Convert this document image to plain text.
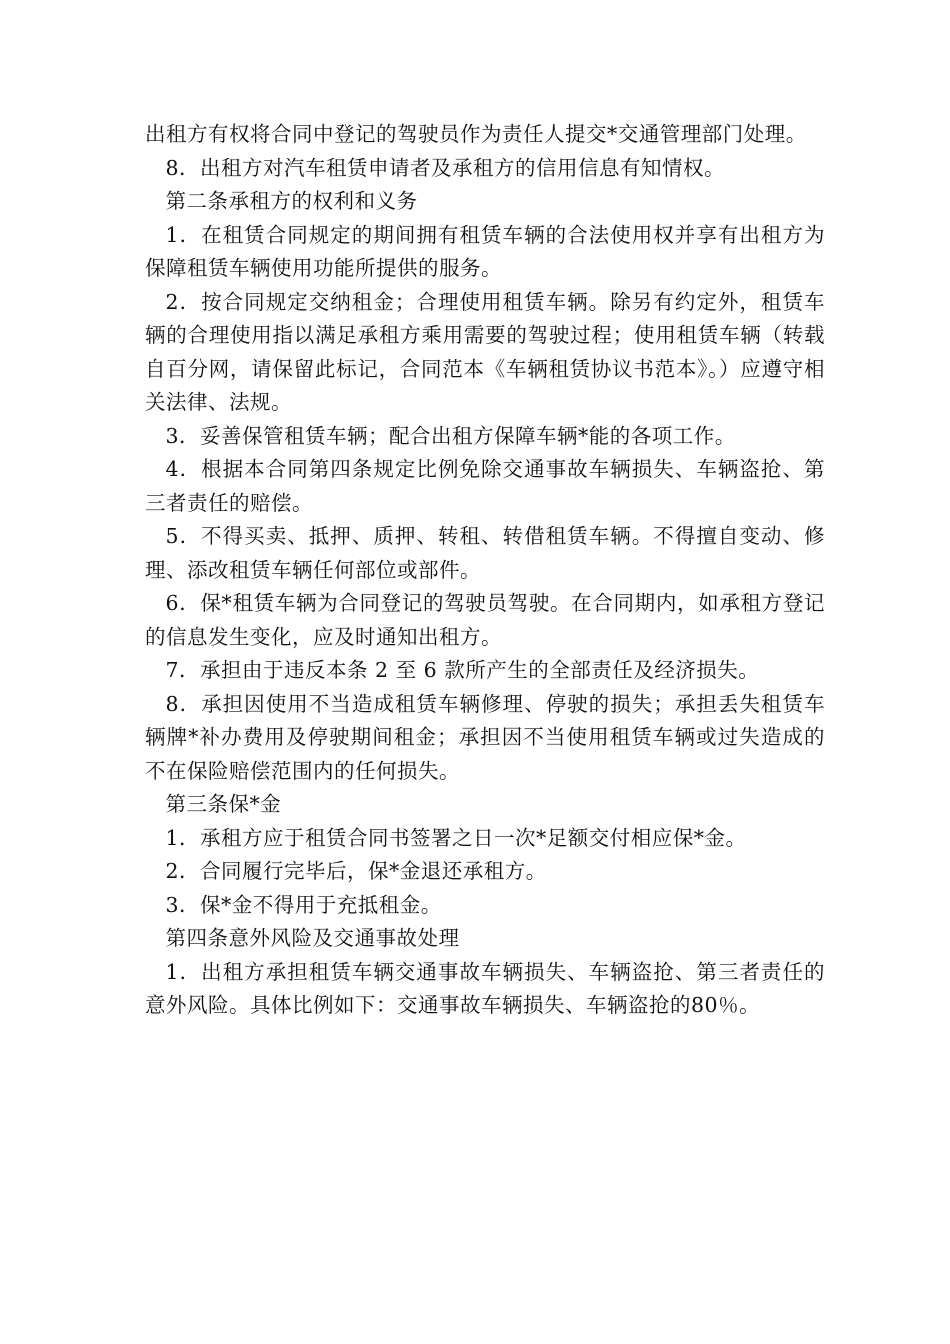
出租方有权将合同中登记的驾驶员作为责任人提交*交通管理部门处理。

8．出租方对汽车租赁申请者及承租方的信用信息有知情权。

第二条承租方的权利和义务

1．在租赁合同规定的期间拥有租赁车辆的合法使用权并享有出租方为保障租赁车辆使用功能所提供的服务。

2．按合同规定交纳租金；合理使用租赁车辆。除另有约定外，租赁车辆的合理使用指以满足承租方乘用需要的驾驶过程；使用租赁车辆（转载自百分网，请保留此标记，合同范本《车辆租赁协议书范本》。）应遵守相关法律、法规。

3．妥善保管租赁车辆；配合出租方保障车辆*能的各项工作。

4．根据本合同第四条规定比例免除交通事故车辆损失、车辆盗抢、第三者责任的赔偿。

5．不得买卖、抵押、质押、转租、转借租赁车辆。不得擅自变动、修理、添改租赁车辆任何部位或部件。

6．保*租赁车辆为合同登记的驾驶员驾驶。在合同期内，如承租方登记的信息发生变化，应及时通知出租方。

7．承担由于违反本条 2 至 6 款所产生的全部责任及经济损失。

8．承担因使用不当造成租赁车辆修理、停驶的损失；承担丢失租赁车辆牌*补办费用及停驶期间租金；承担因不当使用租赁车辆或过失造成的不在保险赔偿范围内的任何损失。

第三条保*金

1．承租方应于租赁合同书签署之日一次*足额交付相应保*金。

2．合同履行完毕后，保*金退还承租方。

3．保*金不得用于充抵租金。

第四条意外风险及交通事故处理

1．出租方承担租赁车辆交通事故车辆损失、车辆盗抢、第三者责任的意外风险。具体比例如下：交通事故车辆损失、车辆盗抢的80％。
